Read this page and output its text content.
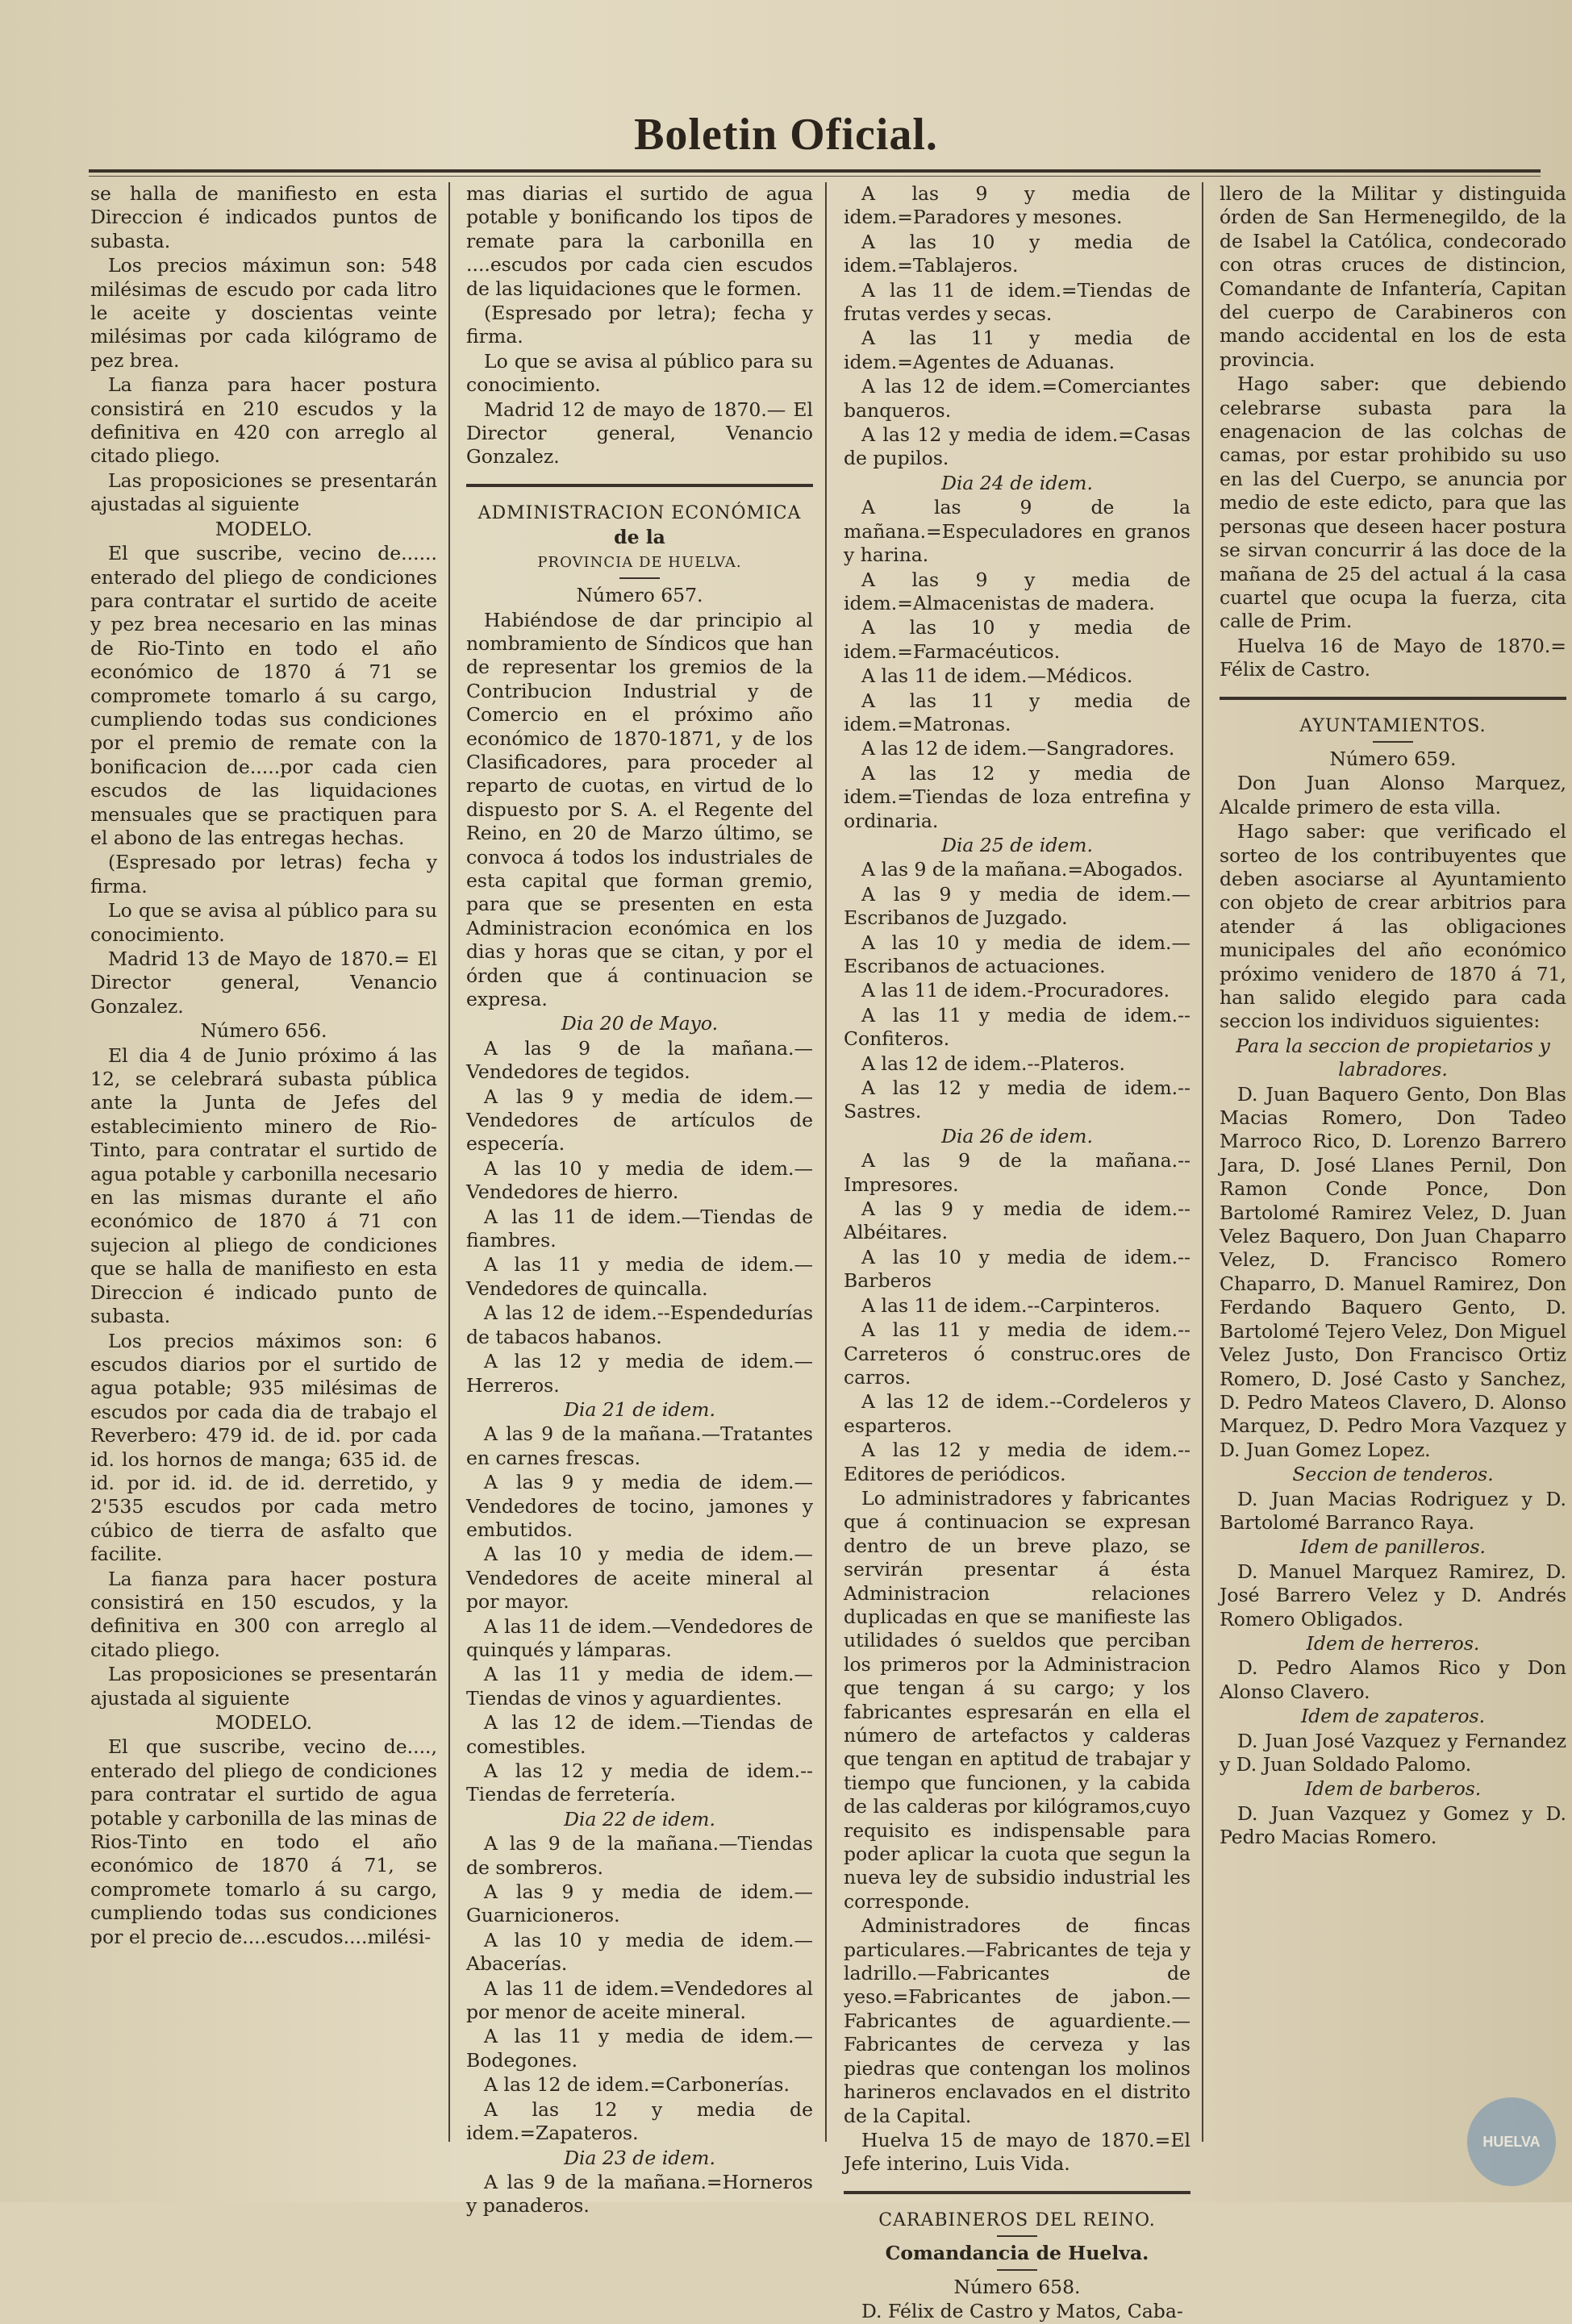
Boletin Oficial.

se halla de manifiesto en esta Direccion é indicados puntos de subasta.

Los precios máximun son: 548 milésimas de escudo por cada litro le aceite y doscientas veinte milésimas por cada kilógramo de pez brea.

La fianza para hacer postura consistirá en 210 escudos y la definitiva en 420 con arreglo al citado pliego.

Las proposiciones se presentarán ajustadas al siguiente

MODELO.

El que suscribe, vecino de...... enterado del pliego de condiciones para contratar el surtido de aceite y pez brea necesario en las minas de Rio-Tinto en todo el año económico de 1870 á 71 se compromete tomarlo á su cargo, cumpliendo todas sus condiciones por el premio de remate con la bonificacion de.....por cada cien escudos de las liquidaciones mensuales que se practiquen para el abono de las entregas hechas.

(Espresado por letras) fecha y firma.

Lo que se avisa al público para su conocimiento.

Madrid 13 de Mayo de 1870.= El Director general, Venancio Gonzalez.

Número 656.

El dia 4 de Junio próximo á las 12, se celebrará subasta pública ante la Junta de Jefes del establecimiento minero de Rio-Tinto, para contratar el surtido de agua potable y carbonilla necesario en las mismas durante el año económico de 1870 á 71 con sujecion al pliego de condiciones que se halla de manifiesto en esta Direccion é indicado punto de subasta.

Los precios máximos son: 6 escudos diarios por el surtido de agua potable; 935 milésimas de escudos por cada dia de trabajo el Reverbero: 479 id. de id. por cada id. los hornos de manga; 635 id. de id. por id. id. de id. derretido, y 2'535 escudos por cada metro cúbico de tierra de asfalto que facilite.

La fianza para hacer postura consistirá en 150 escudos, y la definitiva en 300 con arreglo al citado pliego.

Las proposiciones se presentarán ajustada al siguiente

MODELO.

El que suscribe, vecino de...., enterado del pliego de condiciones para contratar el surtido de agua potable y carbonilla de las minas de Rios-Tinto en todo el año económico de 1870 á 71, se compromete tomarlo á su cargo, cumpliendo todas sus condiciones por el precio de....escudos....milési-

mas diarias el surtido de agua potable y bonificando los tipos de remate para la carbonilla en ....escudos por cada cien escudos de las liquidaciones que le formen.

(Espresado por letra); fecha y firma.

Lo que se avisa al público para su conocimiento.

Madrid 12 de mayo de 1870.— El Director general, Venancio Gonzalez.

ADMINISTRACION ECONÓMICA

de la

PROVINCIA DE HUELVA.

Número 657.

Habiéndose de dar principio al nombramiento de Síndicos que han de representar los gremios de la Contribucion Industrial y de Comercio en el próximo año económico de 1870-1871, y de los Clasificadores, para proceder al reparto de cuotas, en virtud de lo dispuesto por S. A. el Regente del Reino, en 20 de Marzo último, se convoca á todos los industriales de esta capital que forman gremio, para que se presenten en esta Administracion económica en los dias y horas que se citan, y por el órden que á continuacion se expresa.

Dia 20 de Mayo.

A las 9 de la mañana.—Vendedores de tegidos.

A las 9 y media de idem.—Vendedores de artículos de especería.

A las 10 y media de idem.—Vendedores de hierro.

A las 11 de idem.—Tiendas de fiambres.

A las 11 y media de idem.—Vendedores de quincalla.

A las 12 de idem.--Espendedurías de tabacos habanos.

A las 12 y media de idem.—Herreros.

Dia 21 de idem.

A las 9 de la mañana.—Tratantes en carnes frescas.

A las 9 y media de idem.—Vendedores de tocino, jamones y embutidos.

A las 10 y media de idem.—Vendedores de aceite mineral al por mayor.

A las 11 de idem.—Vendedores de quinqués y lámparas.

A las 11 y media de idem.—Tiendas de vinos y aguardientes.

A las 12 de idem.—Tiendas de comestibles.

A las 12 y media de idem.--Tiendas de ferretería.

Dia 22 de idem.

A las 9 de la mañana.—Tiendas de sombreros.

A las 9 y media de idem.—Guarnicioneros.

A las 10 y media de idem.—Abacerías.

A las 11 de idem.=Vendedores al por menor de aceite mineral.

A las 11 y media de idem.—Bodegones.

A las 12 de idem.=Carbonerías.

A las 12 y media de idem.=Zapateros.

Dia 23 de idem.

A las 9 de la mañana.=Horneros y panaderos.

A las 9 y media de idem.=Paradores y mesones.

A las 10 y media de idem.=Tablajeros.

A las 11 de idem.=Tiendas de frutas verdes y secas.

A las 11 y media de idem.=Agentes de Aduanas.

A las 12 de idem.=Comerciantes banqueros.

A las 12 y media de idem.=Casas de pupilos.

Dia 24 de idem.

A las 9 de la mañana.=Especuladores en granos y harina.

A las 9 y media de idem.=Almacenistas de madera.

A las 10 y media de idem.=Farmacéuticos.

A las 11 de idem.—Médicos.

A las 11 y media de idem.=Matronas.

A las 12 de idem.—Sangradores.

A las 12 y media de idem.=Tiendas de loza entrefina y ordinaria.

Dia 25 de idem.

A las 9 de la mañana.=Abogados.

A las 9 y media de idem.—Escribanos de Juzgado.

A las 10 y media de idem.—Escribanos de actuaciones.

A las 11 de idem.-Procuradores.

A las 11 y media de idem.--Confiteros.

A las 12 de idem.--Plateros.

A las 12 y media de idem.--Sastres.

Dia 26 de idem.

A las 9 de la mañana.--Impresores.

A las 9 y media de idem.--Albéitares.

A las 10 y media de idem.--Barberos

A las 11 de idem.--Carpinteros.

A las 11 y media de idem.--Carreteros ó construc.ores de carros.

A las 12 de idem.--Cordeleros y esparteros.

A las 12 y media de idem.--Editores de periódicos.

Lo administradores y fabricantes que á continuacion se expresan dentro de un breve plazo, se servirán presentar á ésta Administracion relaciones duplicadas en que se manifieste las utilidades ó sueldos que perciban los primeros por la Administracion que tengan á su cargo; y los fabricantes espresarán en ella el número de artefactos y calderas que tengan en aptitud de trabajar y tiempo que funcionen, y la cabida de las calderas por kilógramos,cuyo requisito es indispensable para poder aplicar la cuota que segun la nueva ley de subsidio industrial les corresponde.

Administradores de fincas particulares.—Fabricantes de teja y ladrillo.—Fabricantes de yeso.=Fabricantes de jabon.—Fabricantes de aguardiente.—Fabricantes de cerveza y las piedras que contengan los molinos harineros enclavados en el distrito de la Capital.

Huelva 15 de mayo de 1870.=El Jefe interino, Luis Vida.

CARABINEROS DEL REINO.

Comandancia de Huelva.

Número 658.

D. Félix de Castro y Matos, Caba-

llero de la Militar y distinguida órden de San Hermenegildo, de la de Isabel la Católica, condecorado con otras cruces de distincion, Comandante de Infantería, Capitan del cuerpo de Carabineros con mando accidental en los de esta provincia.

Hago saber: que debiendo celebrarse subasta para la enagenacion de las colchas de camas, por estar prohibido su uso en las del Cuerpo, se anuncia por medio de este edicto, para que las personas que deseen hacer postura se sirvan concurrir á las doce de la mañana de 25 del actual á la casa cuartel que ocupa la fuerza, cita calle de Prim.

Huelva 16 de Mayo de 1870.= Félix de Castro.

AYUNTAMIENTOS.

Número 659.

Don Juan Alonso Marquez, Alcalde primero de esta villa.

Hago saber: que verificado el sorteo de los contribuyentes que deben asociarse al Ayuntamiento con objeto de crear arbitrios para atender á las obligaciones municipales del año económico próximo venidero de 1870 á 71, han salido elegido para cada seccion los individuos siguientes:

Para la seccion de propietarios y labradores.

D. Juan Baquero Gento, Don Blas Macias Romero, Don Tadeo Marroco Rico, D. Lorenzo Barrero Jara, D. José Llanes Pernil, Don Ramon Conde Ponce, Don Bartolomé Ramirez Velez, D. Juan Velez Baquero, Don Juan Chaparro Velez, D. Francisco Romero Chaparro, D. Manuel Ramirez, Don Ferdando Baquero Gento, D. Bartolomé Tejero Velez, Don Miguel Velez Justo, Don Francisco Ortiz Romero, D. José Casto y Sanchez, D. Pedro Mateos Clavero, D. Alonso Marquez, D. Pedro Mora Vazquez y D. Juan Gomez Lopez.

Seccion de tenderos.

D. Juan Macias Rodriguez y D. Bartolomé Barranco Raya.

Idem de panilleros.

D. Manuel Marquez Ramirez, D. José Barrero Velez y D. Andrés Romero Obligados.

Idem de herreros.

D. Pedro Alamos Rico y Don Alonso Clavero.

Idem de zapateros.

D. Juan José Vazquez y Fernandez y D. Juan Soldado Palomo.

Idem de barberos.

D. Juan Vazquez y Gomez y D. Pedro Macias Romero.

HUELVA
